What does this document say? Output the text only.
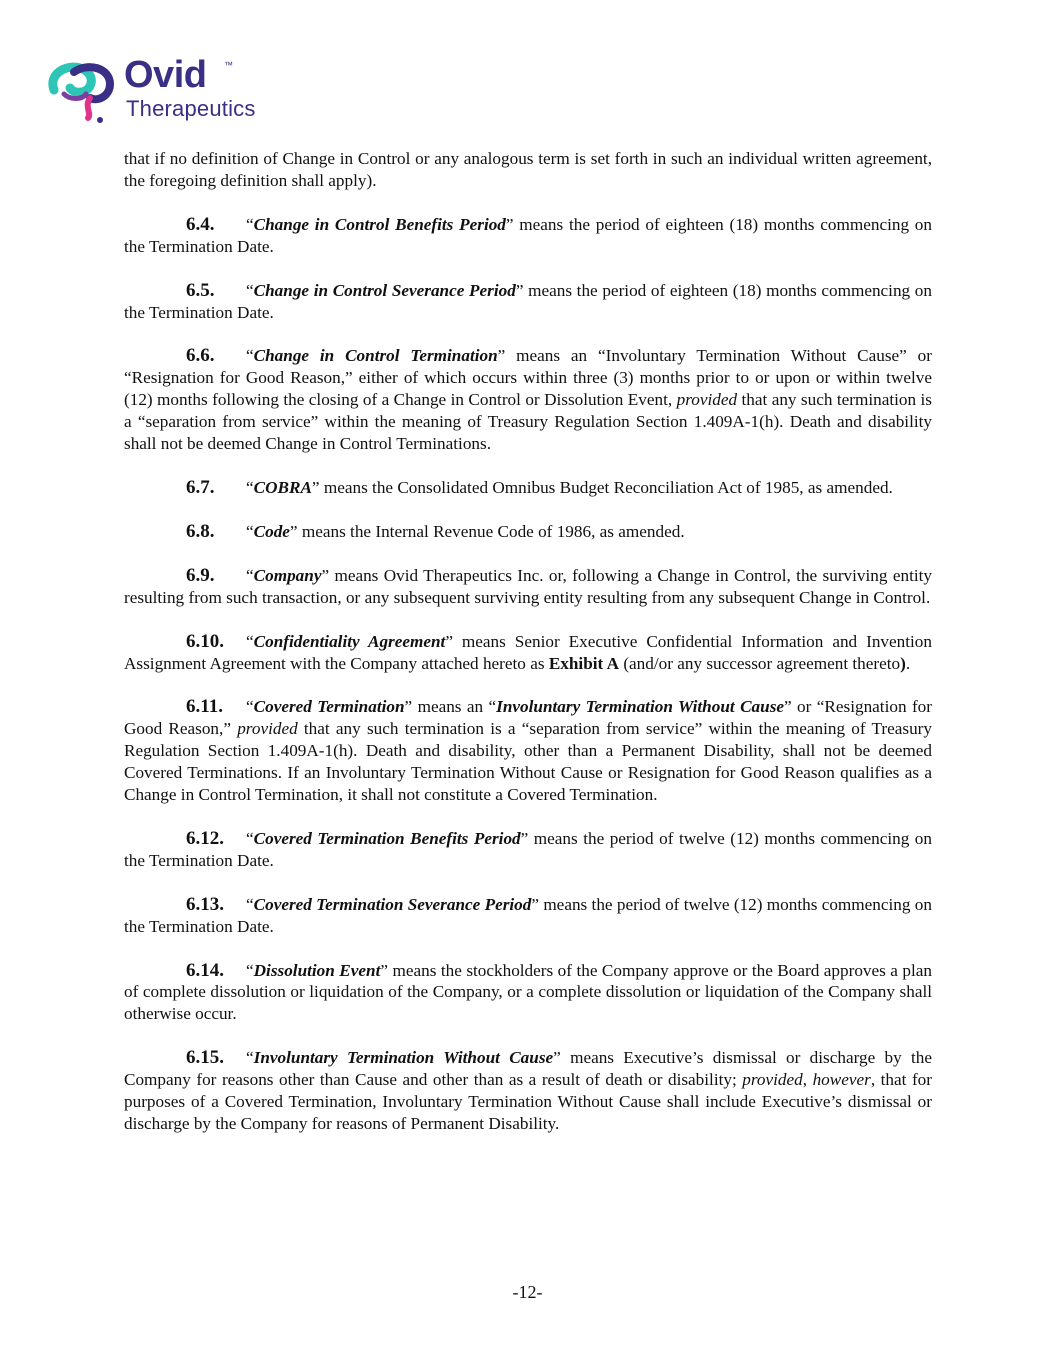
Ovid ™
Therapeutics

that if no definition of Change in Control or any analogous term is set forth in such an individual written agreement, the foregoing definition shall apply).

6.4. “Change in Control Benefits Period” means the period of eighteen (18) months commencing on the Termination Date.

6.5. “Change in Control Severance Period” means the period of eighteen (18) months commencing on the Termination Date.

6.6. “Change in Control Termination” means an “Involuntary Termination Without Cause” or “Resignation for Good Reason,” either of which occurs within three (3) months prior to or upon or within twelve (12) months following the closing of a Change in Control or Dissolution Event, provided that any such termination is a “separation from service” within the meaning of Treasury Regulation Section 1.409A-1(h). Death and disability shall not be deemed Change in Control Terminations.

6.7. “COBRA” means the Consolidated Omnibus Budget Reconciliation Act of 1985, as amended.

6.8. “Code” means the Internal Revenue Code of 1986, as amended.

6.9. “Company” means Ovid Therapeutics Inc. or, following a Change in Control, the surviving entity resulting from such transaction, or any subsequent surviving entity resulting from any subsequent Change in Control.

6.10. “Confidentiality Agreement” means Senior Executive Confidential Information and Invention Assignment Agreement with the Company attached hereto as Exhibit A (and/or any successor agreement thereto).

6.11. “Covered Termination” means an “Involuntary Termination Without Cause” or “Resignation for Good Reason,” provided that any such termination is a “separation from service” within the meaning of Treasury Regulation Section 1.409A-1(h). Death and disability, other than a Permanent Disability, shall not be deemed Covered Terminations. If an Involuntary Termination Without Cause or Resignation for Good Reason qualifies as a Change in Control Termination, it shall not constitute a Covered Termination.

6.12. “Covered Termination Benefits Period” means the period of twelve (12) months commencing on the Termination Date.

6.13. “Covered Termination Severance Period” means the period of twelve (12) months commencing on the Termination Date.

6.14. “Dissolution Event” means the stockholders of the Company approve or the Board approves a plan of complete dissolution or liquidation of the Company, or a complete dissolution or liquidation of the Company shall otherwise occur.

6.15. “Involuntary Termination Without Cause” means Executive’s dismissal or discharge by the Company for reasons other than Cause and other than as a result of death or disability; provided, however, that for purposes of a Covered Termination, Involuntary Termination Without Cause shall include Executive’s dismissal or discharge by the Company for reasons of Permanent Disability.

-12-
